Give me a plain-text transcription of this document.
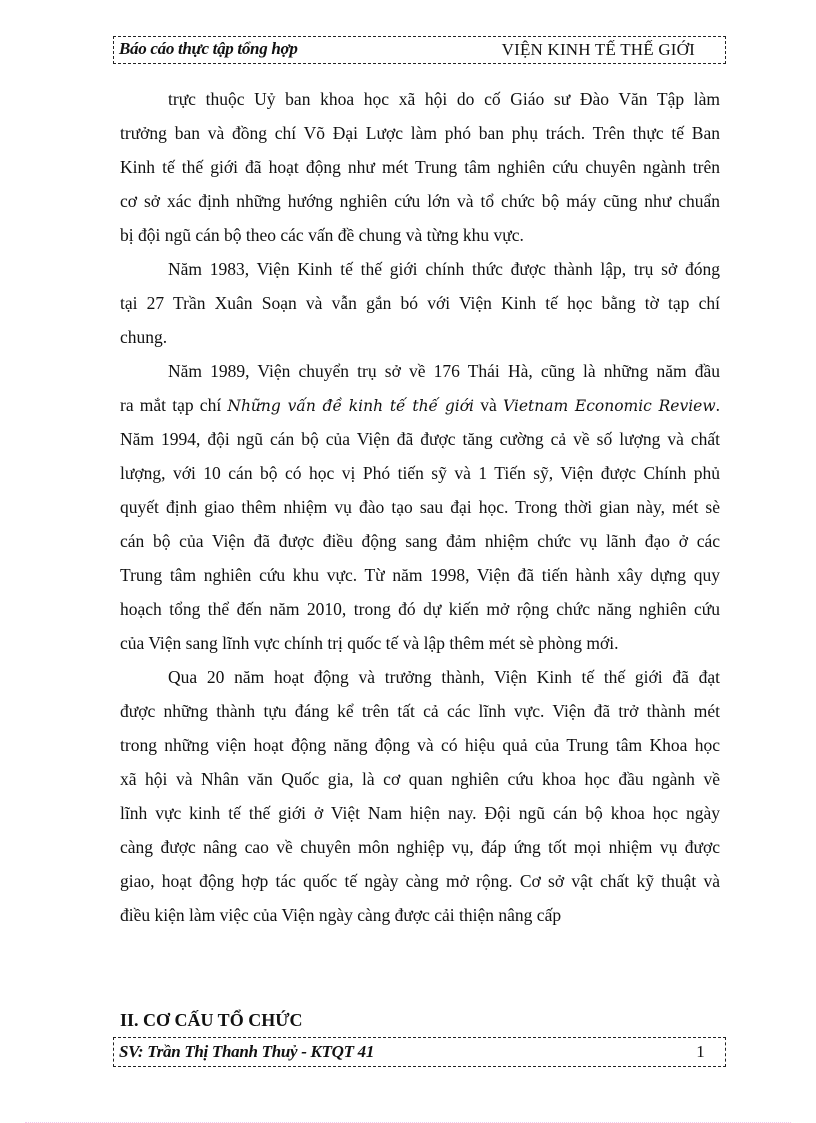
Báo cáo thực tập tổng hợp	VIỆN KINH TẾ THẾ GIỚI
trực thuộc Uỷ ban khoa học xã hội do cố Giáo sư Đào Văn Tập làm
trưởng ban và đồng chí Võ Đại Lược làm phó ban phụ trách. Trên thực tế Ban
Kinh tế thế giới đã hoạt động như mét Trung tâm nghiên cứu chuyên ngành trên
cơ sở xác định những hướng nghiên cứu lớn và tổ chức bộ máy cũng như chuẩn
bị đội ngũ cán bộ theo các vấn đề chung và từng khu vực.
Năm 1983, Viện Kinh tế thế giới chính thức được thành lập, trụ sở đóng
tại 27 Trần Xuân Soạn và vẫn gắn bó với Viện Kinh tế học bằng tờ tạp chí
chung.
Năm 1989, Viện chuyển trụ sở về 176 Thái Hà, cũng là những năm đầu
ra mắt tạp chí Những vấn đề kinh tế thế giới và Vietnam Economic Review.
Năm 1994, đội ngũ cán bộ của Viện đã được tăng cường cả về số lượng và chất
lượng, với 10 cán bộ có học vị Phó tiến sỹ và 1 Tiến sỹ, Viện được Chính phủ
quyết định giao thêm nhiệm vụ đào tạo sau đại học. Trong thời gian này, mét sè
cán bộ của Viện đã được điều động sang đảm nhiệm chức vụ lãnh đạo ở các
Trung tâm nghiên cứu khu vực. Từ năm 1998, Viện đã tiến hành xây dựng quy
hoạch tổng thể đến năm 2010, trong đó dự kiến mở rộng chức năng nghiên cứu
của Viện sang lĩnh vực chính trị quốc tế và lập thêm mét sè phòng mới.
Qua 20 năm hoạt động và trưởng thành, Viện Kinh tế thế giới đã đạt
được những thành tựu đáng kể trên tất cả các lĩnh vực. Viện đã trở thành mét
trong những viện hoạt động năng động và có hiệu quả của Trung tâm Khoa học
xã hội và Nhân văn Quốc gia, là cơ quan nghiên cứu khoa học đầu ngành về
lĩnh vực kinh tế thế giới ở Việt Nam hiện nay. Đội ngũ cán bộ khoa học ngày
càng được nâng cao về chuyên môn nghiệp vụ, đáp ứng tốt mọi nhiệm vụ được
giao, hoạt động hợp tác quốc tế ngày càng mở rộng. Cơ sở vật chất kỹ thuật và
điều kiện làm việc của Viện ngày càng được cải thiện nâng cấp
II. CƠ CẤU TỔ CHỨC
SV: Trần Thị Thanh Thuỷ - KTQT 41	1
